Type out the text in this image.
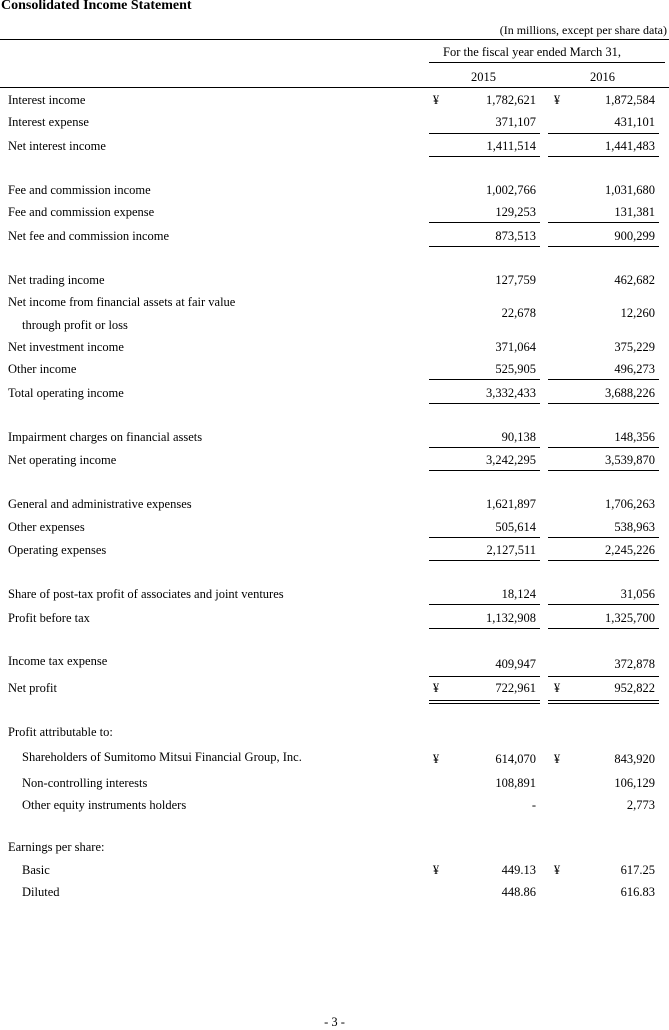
Consolidated Income Statement
(In millions, except per share data)
For the fiscal year ended March 31,
2015	2016
Interest income	¥	1,782,621 ¥	1,872,584
Interest expense	371,107	431,101
Net interest income	1,411,514	1,441,483
Fee and commission income	1,002,766	1,031,680
Fee and commission expense	129,253	131,381
Net fee and commission income	873,513	900,299
Net trading income	127,759	462,682
Net income from financial assets at fair value
through profit or loss
22,678	12,260
Net investment income	371,064	375,229
Other income	525,905	496,273
Total operating income	3,332,433	3,688,226
Impairment charges on financial assets	90,138	148,356
Net operating income	3,242,295	3,539,870
General and administrative expenses	1,621,897	1,706,263
Other expenses	505,614	538,963
Operating expenses	2,127,511	2,245,226
Share of post-tax profit of associates and joint ventures	18,124	31,056
Profit before tax	1,132,908	1,325,700
Income tax expense	409,947	372,878
Net profit	¥	722,961 ¥	952,822
Profit attributable to:
Shareholders of Sumitomo Mitsui Financial Group, Inc.	¥	614,070 ¥	843,920
Non-controlling interests	108,891	106,129
Other equity instruments holders	-	2,773
Earnings per share:
Basic	¥	449.13 ¥	617.25
Diluted	448.86	616.83
- 3 -
